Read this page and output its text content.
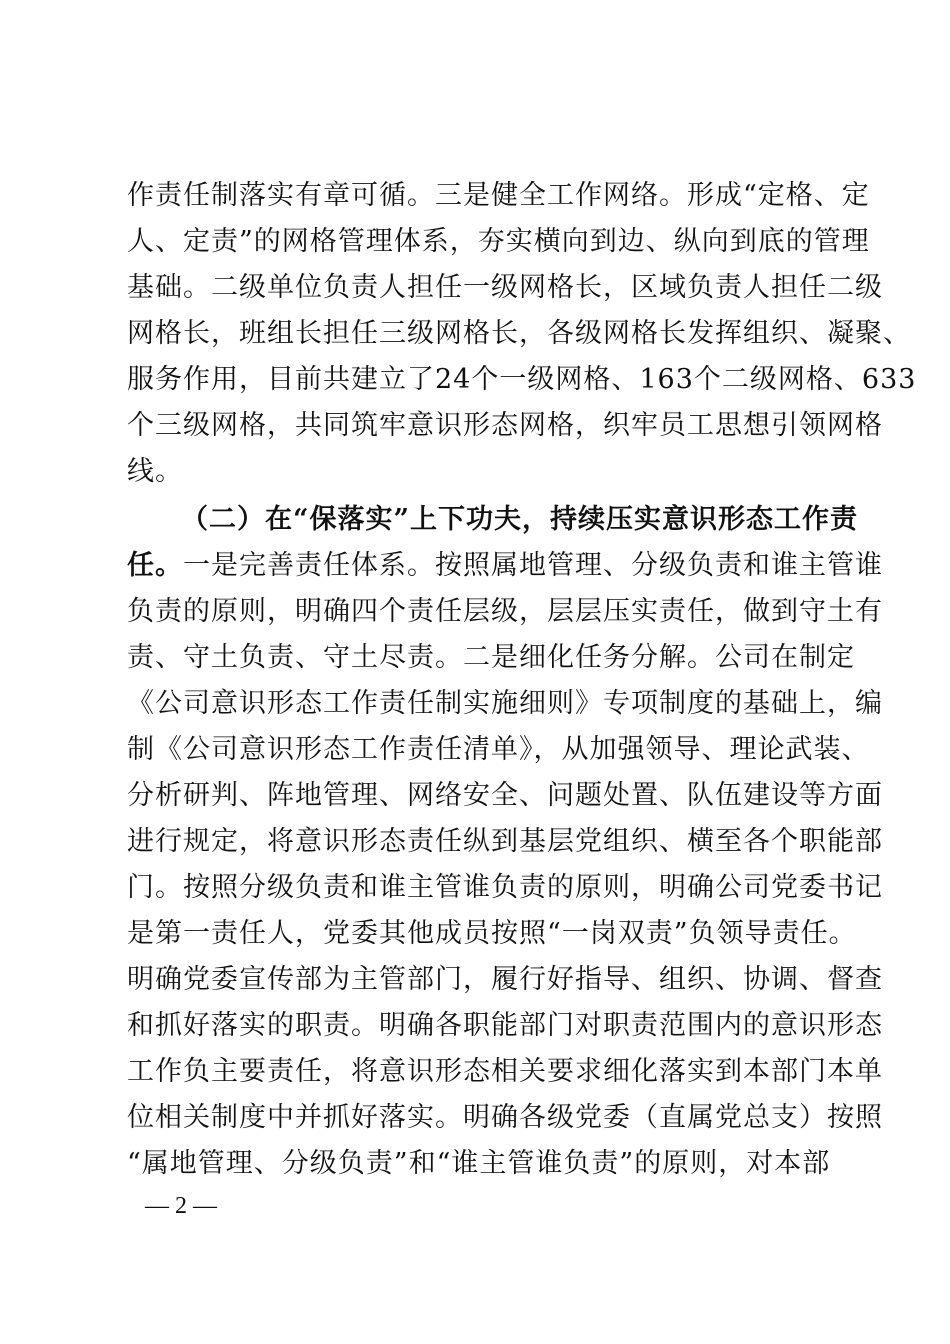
作责任制落实有章可循。三是健全工作网络。形成“定格、定
人、定责”的网格管理体系，夯实横向到边、纵向到底的管理
基础。二级单位负责人担任一级网格长，区域负责人担任二级
网格长，班组长担任三级网格长，各级网格长发挥组织、凝聚、
服务作用，目前共建立了24个一级网格、163个二级网格、633
个三级网格，共同筑牢意识形态网格，织牢员工思想引领网格
线。
（二）在“保落实”上下功夫，持续压实意识形态工作责
任。一是完善责任体系。按照属地管理、分级负责和谁主管谁
负责的原则，明确四个责任层级，层层压实责任，做到守土有
责、守土负责、守土尽责。二是细化任务分解。公司在制定
《公司意识形态工作责任制实施细则》专项制度的基础上，编
制《公司意识形态工作责任清单》，从加强领导、理论武装、
分析研判、阵地管理、网络安全、问题处置、队伍建设等方面
进行规定，将意识形态责任纵到基层党组织、横至各个职能部
门。按照分级负责和谁主管谁负责的原则，明确公司党委书记
是第一责任人，党委其他成员按照“一岗双责”负领导责任。
明确党委宣传部为主管部门，履行好指导、组织、协调、督查
和抓好落实的职责。明确各职能部门对职责范围内的意识形态
工作负主要责任，将意识形态相关要求细化落实到本部门本单
位相关制度中并抓好落实。明确各级党委（直属党总支）按照
“属地管理、分级负责”和“谁主管谁负责”的原则，对本部
— 2 —
